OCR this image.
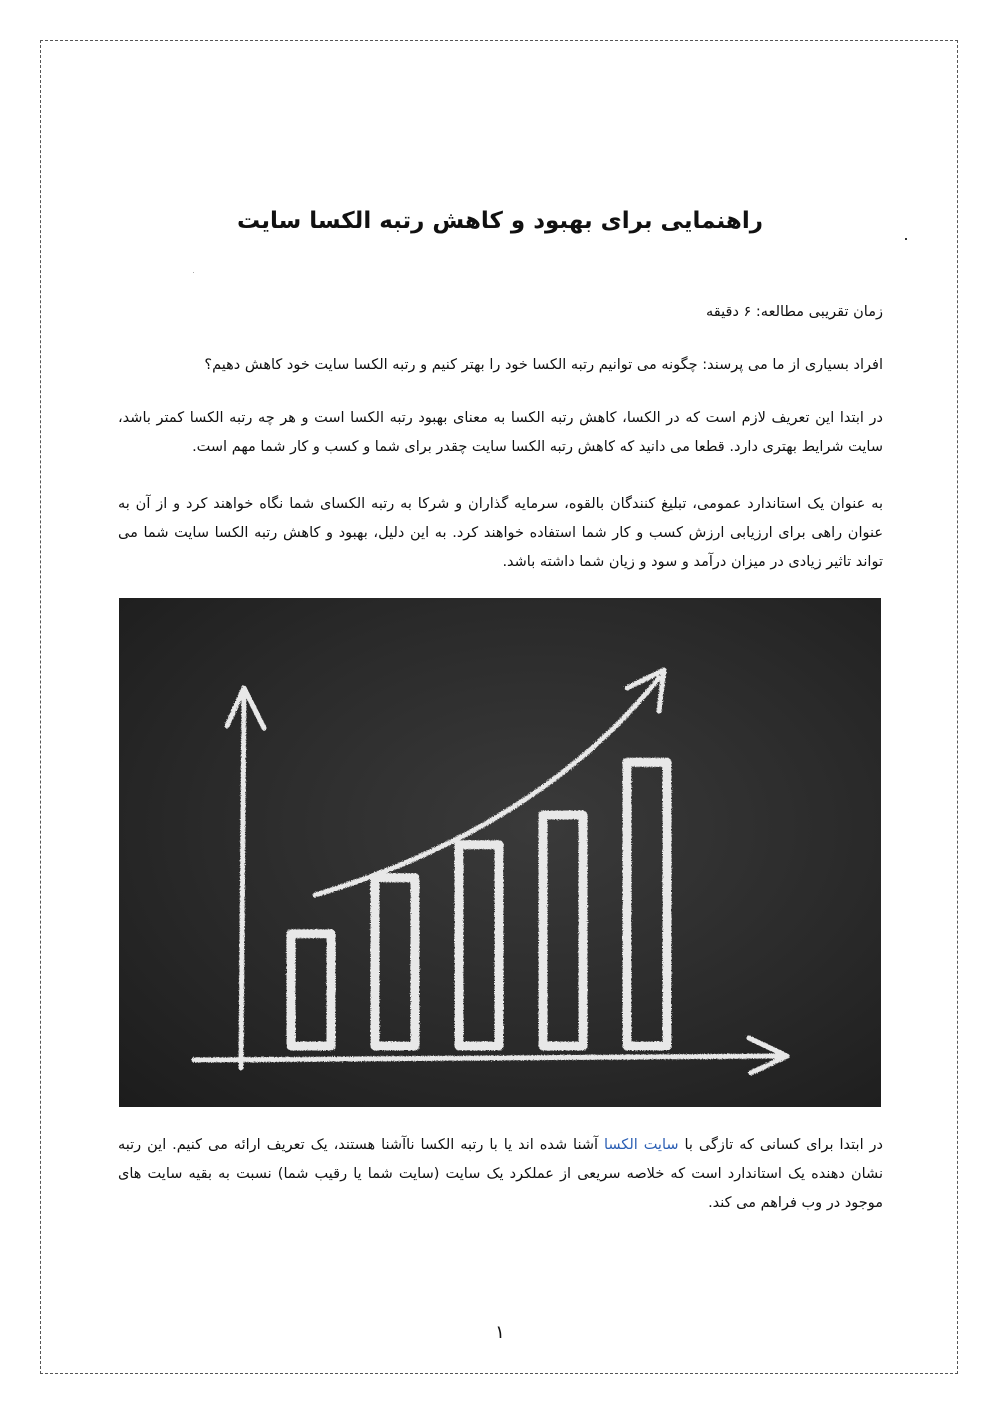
راهنمایی برای بهبود و کاهش رتبه الکسا سایت

زمان تقریبی مطالعه: ۶ دقیقه

افراد بسیاری از ما می پرسند: چگونه می توانیم رتبه الکسا خود را بهتر کنیم و رتبه الکسا سایت خود کاهش دهیم؟

در ابتدا این تعریف لازم است که در الکسا، کاهش رتبه الکسا به معنای بهبود رتبه الکسا است و هر چه رتبه الکسا کمتر باشد، سایت شرایط بهتری دارد. قطعا می دانید که کاهش رتبه الکسا سایت چقدر برای شما و کسب و کار شما مهم است.

به عنوان یک استاندارد عمومی، تبلیغ کنندگان بالقوه، سرمایه گذاران و شرکا به رتبه الکسای شما نگاه خواهند کرد و از آن به عنوان راهی برای ارزیابی ارزش کسب و کار شما استفاده خواهند کرد. به این دلیل، بهبود و کاهش رتبه الکسا سایت شما می تواند تاثیر زیادی در میزان درآمد و سود و زیان شما داشته باشد.

در ابتدا برای کسانی که تازگی با سایت الکسا آشنا شده اند یا با رتبه الکسا ناآشنا هستند، یک تعریف ارائه می کنیم. این رتبه نشان دهنده یک استاندارد است که خلاصه سریعی از عملکرد یک سایت (سایت شما یا رقیب شما) نسبت به بقیه سایت های موجود در وب فراهم می کند.

۱
